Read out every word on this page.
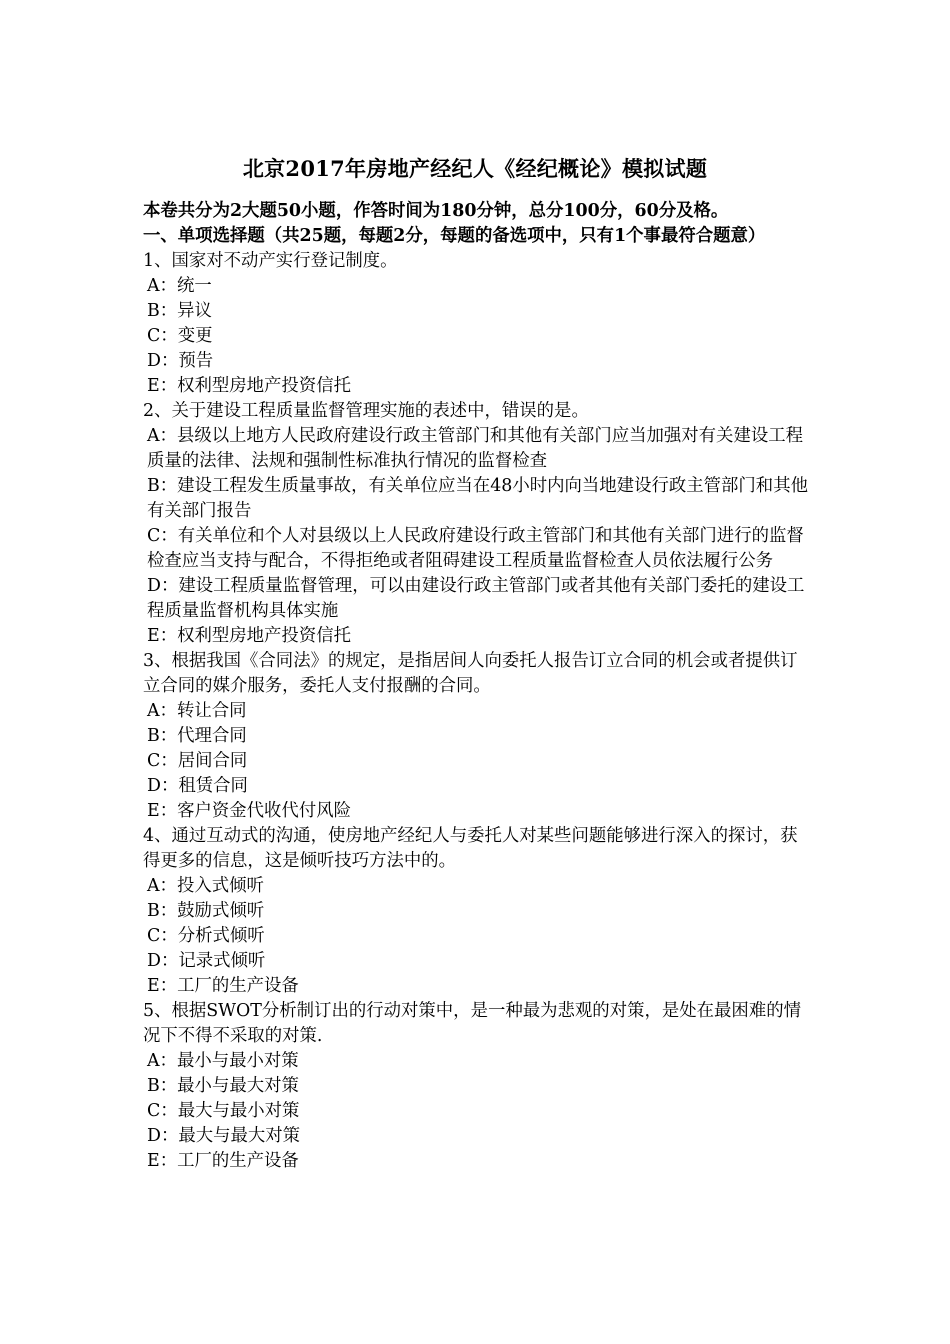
北京2017年房地产经纪人《经纪概论》模拟试题
本卷共分为2大题50小题，作答时间为180分钟，总分100分，60分及格。
一、单项选择题（共25题，每题2分，每题的备选项中，只有1个事最符合题意）
1、国家对不动产实行登记制度。
A：统一
B：异议
C：变更
D：预告
E：权利型房地产投资信托
2、关于建设工程质量监督管理实施的表述中，错误的是。
A：县级以上地方人民政府建设行政主管部门和其他有关部门应当加强对有关建设工程质量的法律、法规和强制性标准执行情况的监督检查
B：建设工程发生质量事故，有关单位应当在48小时内向当地建设行政主管部门和其他有关部门报告
C：有关单位和个人对县级以上人民政府建设行政主管部门和其他有关部门进行的监督检查应当支持与配合，不得拒绝或者阻碍建设工程质量监督检查人员依法履行公务
D：建设工程质量监督管理，可以由建设行政主管部门或者其他有关部门委托的建设工程质量监督机构具体实施
E：权利型房地产投资信托
3、根据我国《合同法》的规定，是指居间人向委托人报告订立合同的机会或者提供订立合同的媒介服务，委托人支付报酬的合同。
A：转让合同
B：代理合同
C：居间合同
D：租赁合同
E：客户资金代收代付风险
4、通过互动式的沟通，使房地产经纪人与委托人对某些问题能够进行深入的探讨，获得更多的信息，这是倾听技巧方法中的。
A：投入式倾听
B：鼓励式倾听
C：分析式倾听
D：记录式倾听
E：工厂的生产设备
5、根据SWOT分析制订出的行动对策中，是一种最为悲观的对策，是处在最困难的情况下不得不采取的对策.
A：最小与最小对策
B：最小与最大对策
C：最大与最小对策
D：最大与最大对策
E：工厂的生产设备
